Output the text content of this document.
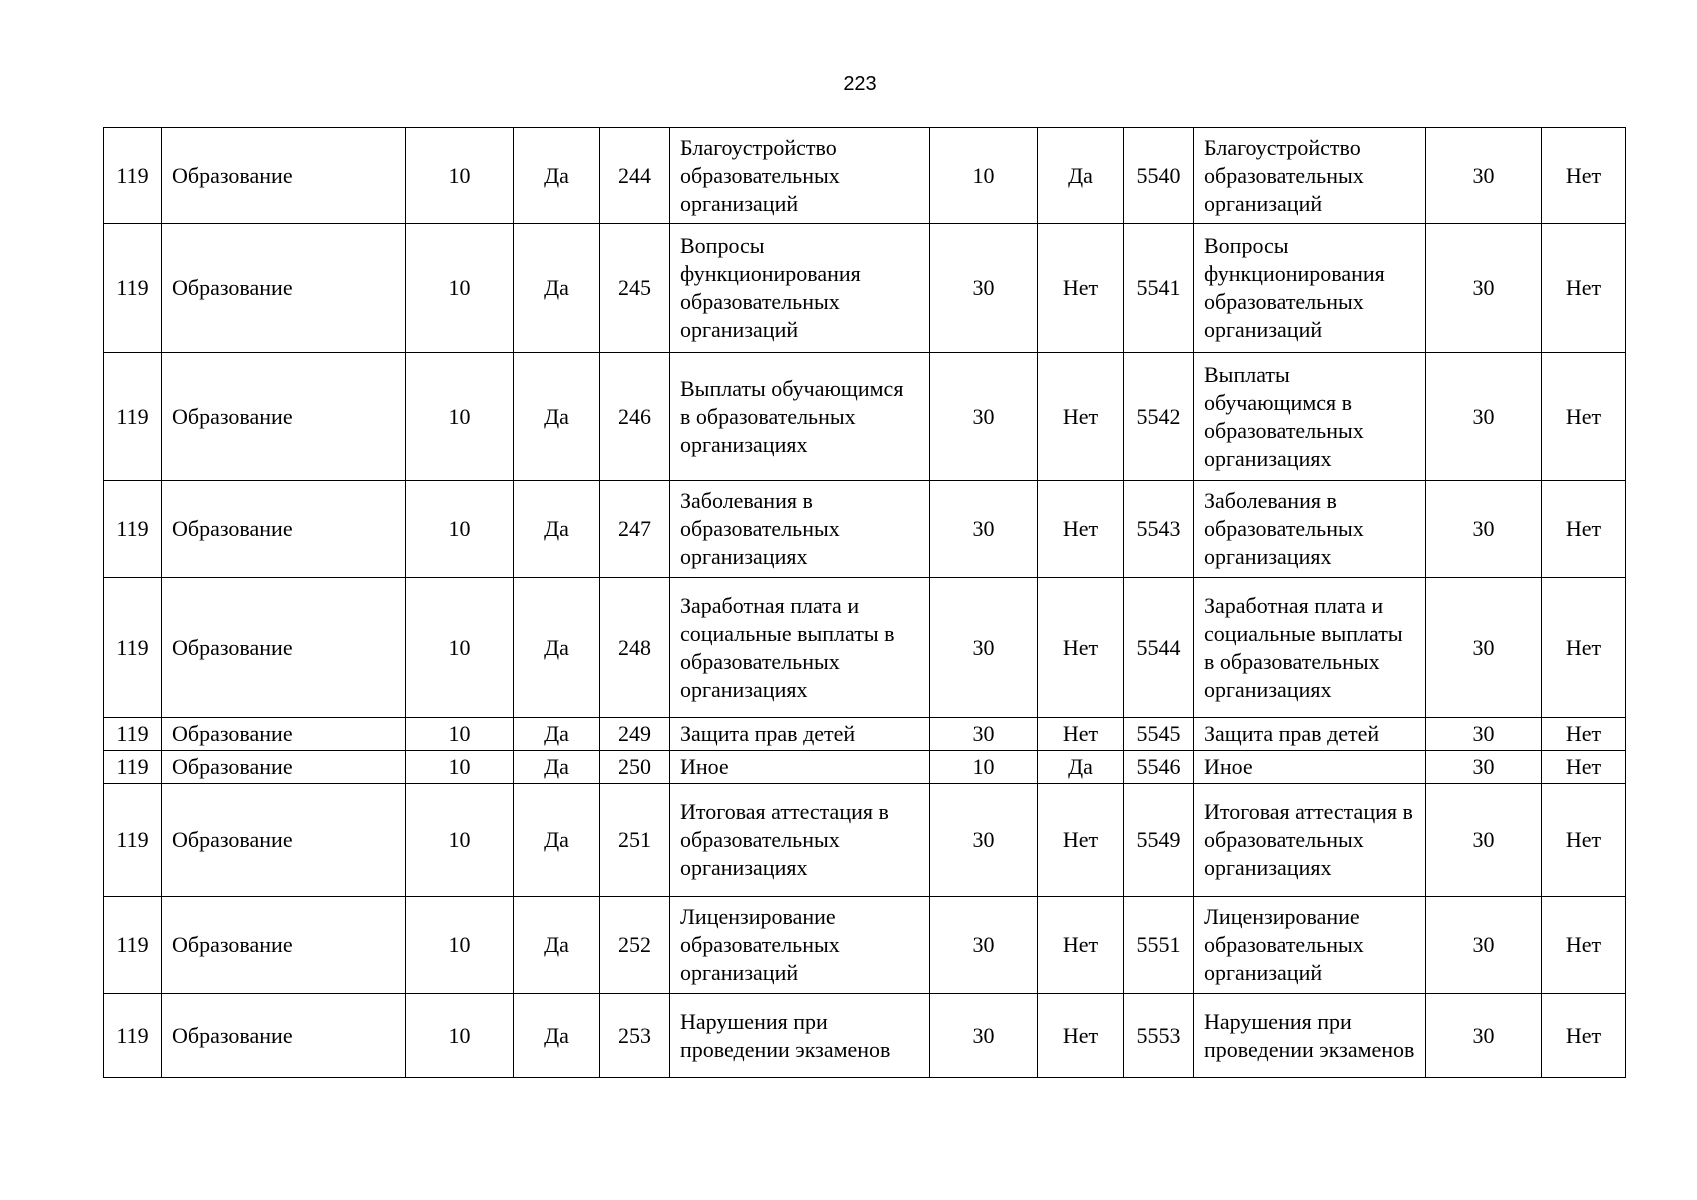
223
119	Образование	10	Да	244	Благоустройство образовательных организаций	10	Да	5540	Благоустройство образовательных организаций	30	Нет
119	Образование	10	Да	245	Вопросы функционирования образовательных организаций	30	Нет	5541	Вопросы функционирования образовательных организаций	30	Нет
119	Образование	10	Да	246	Выплаты обучающимся в образовательных организациях	30	Нет	5542	Выплаты обучающимся в образовательных организациях	30	Нет
119	Образование	10	Да	247	Заболевания в образовательных организациях	30	Нет	5543	Заболевания в образовательных организациях	30	Нет
119	Образование	10	Да	248	Заработная плата и социальные выплаты в образовательных организациях	30	Нет	5544	Заработная плата и социальные выплаты в образовательных организациях	30	Нет
119	Образование	10	Да	249	Защита прав детей	30	Нет	5545	Защита прав детей	30	Нет
119	Образование	10	Да	250	Иное	10	Да	5546	Иное	30	Нет
119	Образование	10	Да	251	Итоговая аттестация в образовательных организациях	30	Нет	5549	Итоговая аттестация в образовательных организациях	30	Нет
119	Образование	10	Да	252	Лицензирование образовательных организаций	30	Нет	5551	Лицензирование образовательных организаций	30	Нет
119	Образование	10	Да	253	Нарушения при проведении экзаменов	30	Нет	5553	Нарушения при проведении экзаменов	30	Нет
